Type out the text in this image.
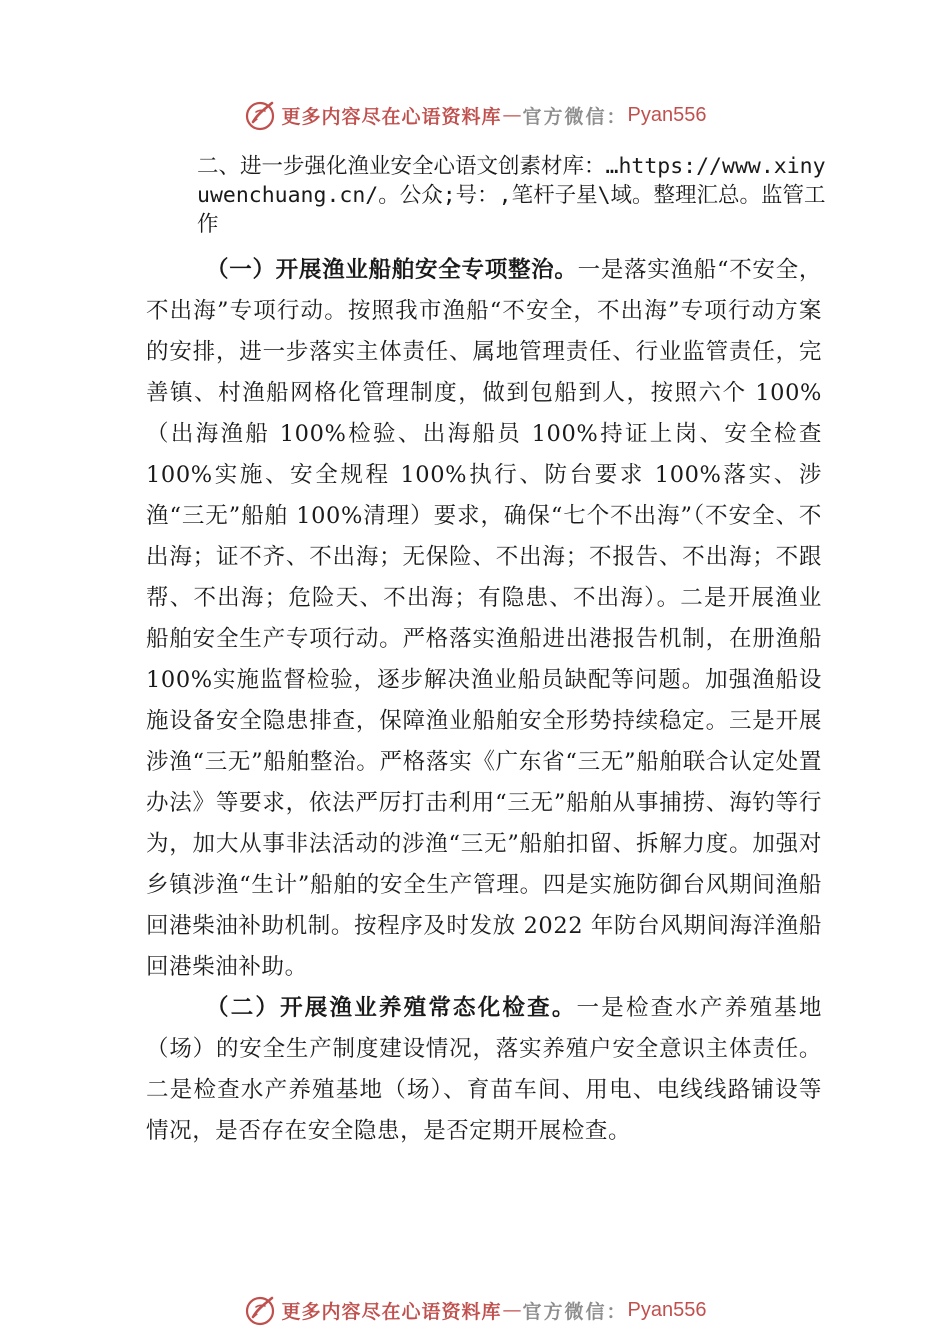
更多内容尽在心语资料库 — 官方微信： Pyan556
二、进一步强化渔业安全心语文创素材库：…https://www.xinyuwenchuang.cn/。公众;号：,笔杆子星\域。整理汇总。监管工作

（一）开展渔业船舶安全专项整治。一是落实渔船“不安全，不出海”专项行动。按照我市渔船“不安全，不出海”专项行动方案的安排，进一步落实主体责任、属地管理责任、行业监管责任，完善镇、村渔船网格化管理制度，做到包船到人，按照六个 100%（出海渔船 100%检验、出海船员 100%持证上岗、安全检查 100%实施、安全规程 100%执行、防台要求 100%落实、涉渔“三无”船舶 100%清理）要求，确保“七个不出海”（不安全、不出海；证不齐、不出海；无保险、不出海；不报告、不出海；不跟帮、不出海；危险天、不出海；有隐患、不出海）。二是开展渔业船舶安全生产专项行动。严格落实渔船进出港报告机制，在册渔船 100%实施监督检验，逐步解决渔业船员缺配等问题。加强渔船设施设备安全隐患排查，保障渔业船舶安全形势持续稳定。三是开展涉渔“三无”船舶整治。严格落实《广东省“三无”船舶联合认定处置办法》等要求，依法严厉打击利用“三无”船舶从事捕捞、海钓等行为，加大从事非法活动的涉渔“三无”船舶扣留、拆解力度。加强对乡镇涉渔“生计”船舶的安全生产管理。四是实施防御台风期间渔船回港柴油补助机制。按程序及时发放 2022 年防台风期间海洋渔船回港柴油补助。

（二）开展渔业养殖常态化检查。一是检查水产养殖基地（场）的安全生产制度建设情况，落实养殖户安全意识主体责任。二是检查水产养殖基地（场）、育苗车间、用电、电线线路铺设等情况，是否存在安全隐患，是否定期开展检查。

更多内容尽在心语资料库 — 官方微信： Pyan556
